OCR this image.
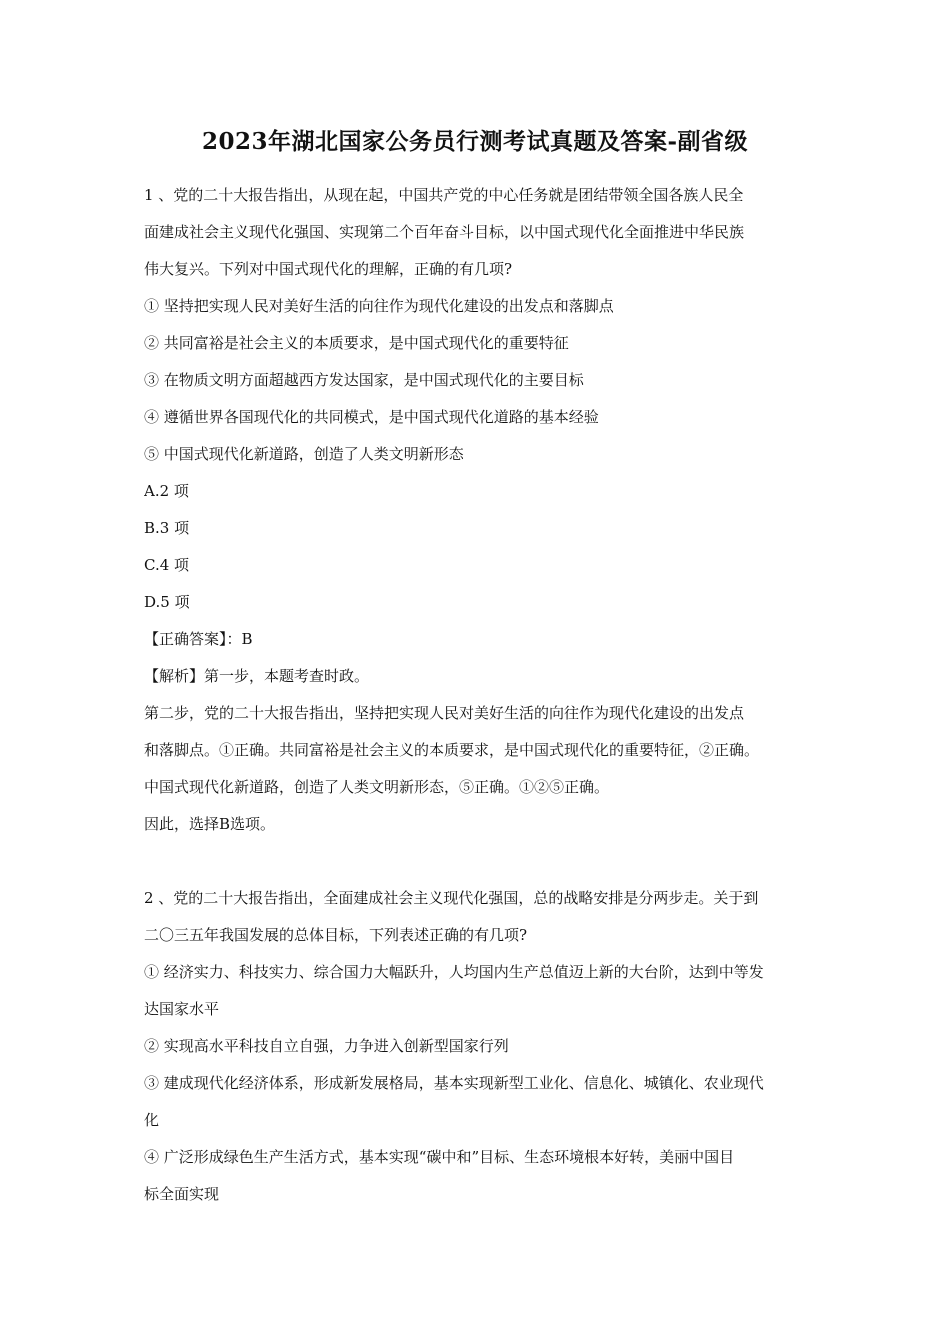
2023年湖北国家公务员行测考试真题及答案-副省级
1 、党的二十大报告指出，从现在起，中国共产党的中心任务就是团结带领全国各族人民全
面建成社会主义现代化强国、实现第二个百年奋斗目标，以中国式现代化全面推进中华民族
伟大复兴。下列对中国式现代化的理解，正确的有几项?
① 坚持把实现人民对美好生活的向往作为现代化建设的出发点和落脚点
② 共同富裕是社会主义的本质要求，是中国式现代化的重要特征
③ 在物质文明方面超越西方发达国家，是中国式现代化的主要目标
④ 遵循世界各国现代化的共同模式，是中国式现代化道路的基本经验
⑤ 中国式现代化新道路，创造了人类文明新形态
A.2 项
B.3 项
C.4 项
D.5 项
【正确答案】：B
【解析】第一步，本题考查时政。
第二步，党的二十大报告指出，坚持把实现人民对美好生活的向往作为现代化建设的出发点
和落脚点。①正确。共同富裕是社会主义的本质要求，是中国式现代化的重要特征，②正确。
中国式现代化新道路，创造了人类文明新形态，⑤正确。①②⑤正确。
因此，选择B选项。
2 、党的二十大报告指出，全面建成社会主义现代化强国，总的战略安排是分两步走。关于到
二〇三五年我国发展的总体目标，下列表述正确的有几项?
① 经济实力、科技实力、综合国力大幅跃升，人均国内生产总值迈上新的大台阶，达到中等发
达国家水平
② 实现高水平科技自立自强，力争进入创新型国家行列
③ 建成现代化经济体系，形成新发展格局，基本实现新型工业化、信息化、城镇化、农业现代
化
④ 广泛形成绿色生产生活方式，基本实现“碳中和”目标、生态环境根本好转，美丽中国目
标全面实现
